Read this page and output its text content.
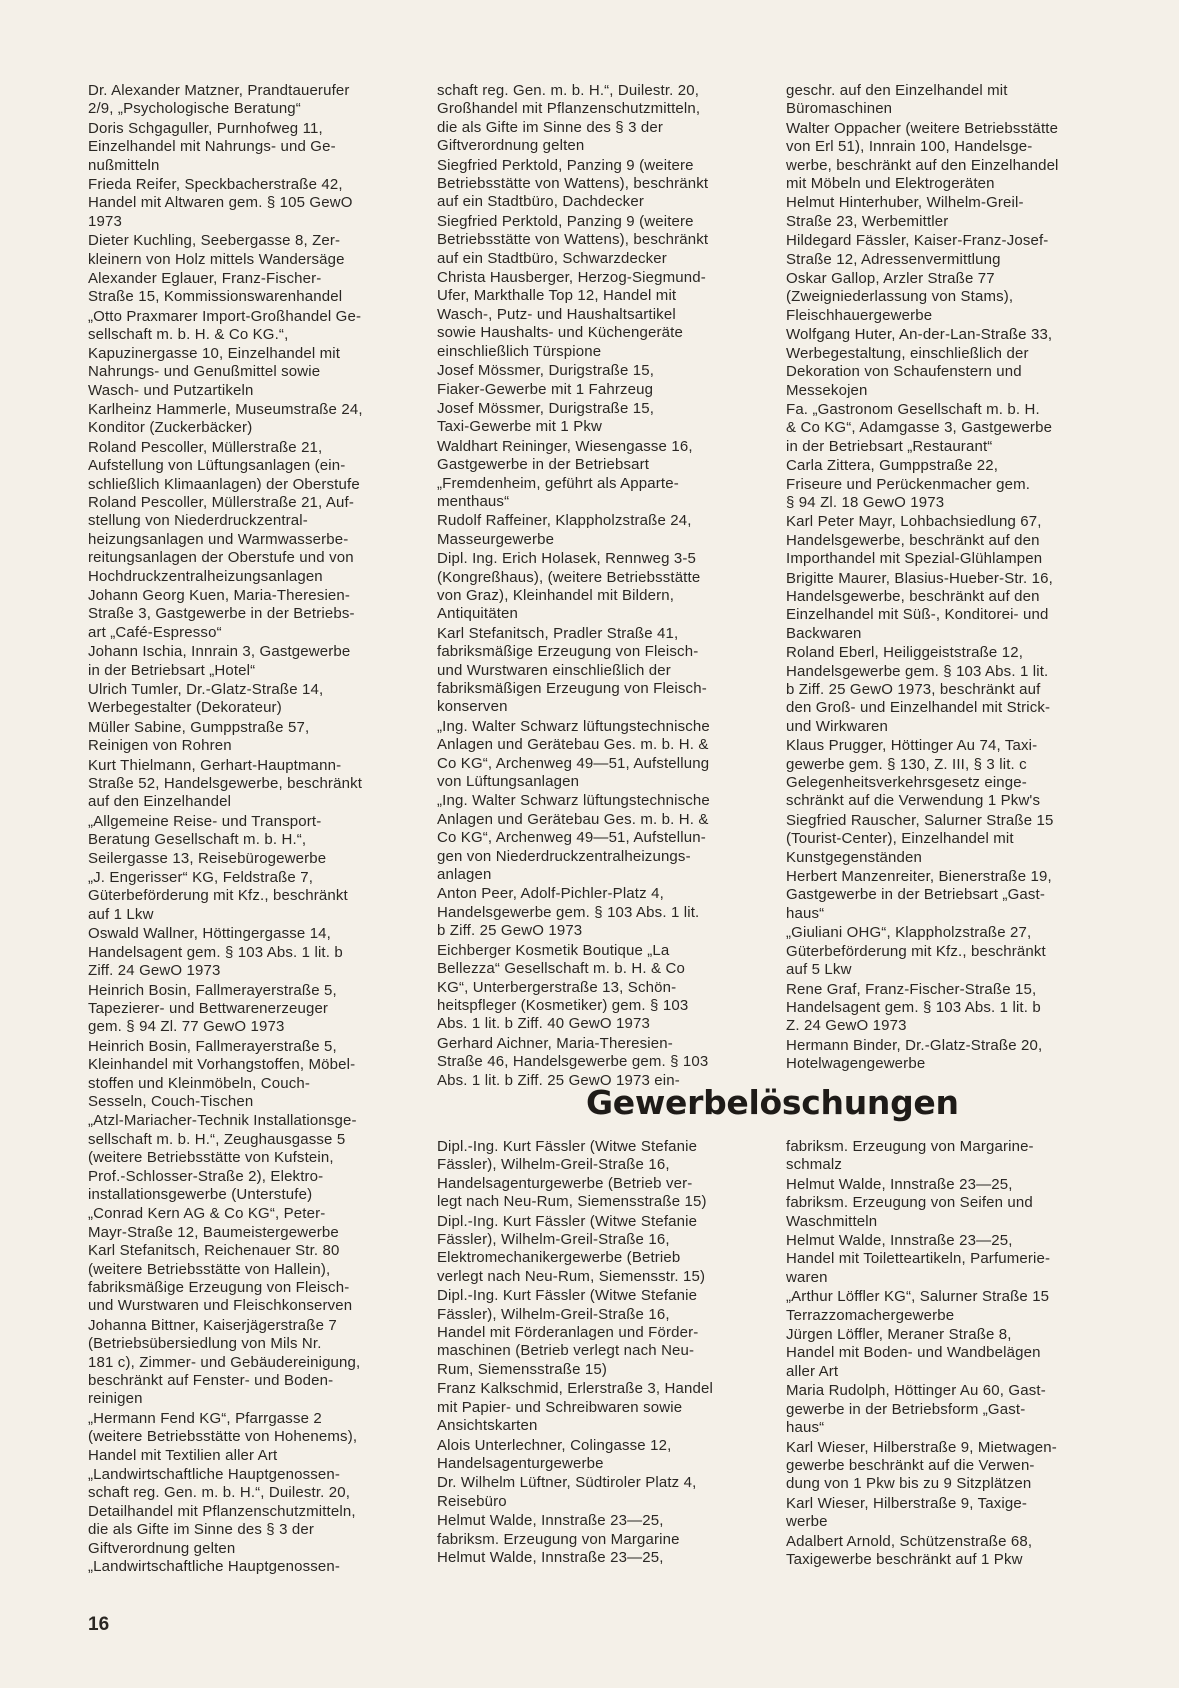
Dr. Alexander Matzner, Prandtauerufer
2/9, „Psychologische Beratung“
Doris Schgaguller, Purnhofweg 11,
Einzelhandel mit Nahrungs- und Ge-
nußmitteln
Frieda Reifer, Speckbacherstraße 42,
Handel mit Altwaren gem. § 105 GewO
1973
Dieter Kuchling, Seebergasse 8, Zer-
kleinern von Holz mittels Wandersäge
Alexander Eglauer, Franz-Fischer-
Straße 15, Kommissionswarenhandel
„Otto Praxmarer Import-Großhandel Ge-
sellschaft m. b. H. & Co KG.“,
Kapuzinergasse 10, Einzelhandel mit
Nahrungs- und Genußmittel sowie
Wasch- und Putzartikeln
Karlheinz Hammerle, Museumstraße 24,
Konditor (Zuckerbäcker)
Roland Pescoller, Müllerstraße 21,
Aufstellung von Lüftungsanlagen (ein-
schließlich Klimaanlagen) der Oberstufe
Roland Pescoller, Müllerstraße 21, Auf-
stellung von Niederdruckzentral-
heizungsanlagen und Warmwasserbe-
reitungsanlagen der Oberstufe und von
Hochdruckzentralheizungsanlagen
Johann Georg Kuen, Maria-Theresien-
Straße 3, Gastgewerbe in der Betriebs-
art „Café-Espresso“
Johann Ischia, Innrain 3, Gastgewerbe
in der Betriebsart „Hotel“
Ulrich Tumler, Dr.-Glatz-Straße 14,
Werbegestalter (Dekorateur)
Müller Sabine, Gumppstraße 57,
Reinigen von Rohren
Kurt Thielmann, Gerhart-Hauptmann-
Straße 52, Handelsgewerbe, beschränkt
auf den Einzelhandel
„Allgemeine Reise- und Transport-
Beratung Gesellschaft m. b. H.“,
Seilergasse 13, Reisebürogewerbe
„J. Engerisser“ KG, Feldstraße 7,
Güterbeförderung mit Kfz., beschränkt
auf 1 Lkw
Oswald Wallner, Höttingergasse 14,
Handelsagent gem. § 103 Abs. 1 lit. b
Ziff. 24 GewO 1973
Heinrich Bosin, Fallmerayerstraße 5,
Tapezierer- und Bettwarenerzeuger
gem. § 94 Zl. 77 GewO 1973
Heinrich Bosin, Fallmerayerstraße 5,
Kleinhandel mit Vorhangstoffen, Möbel-
stoffen und Kleinmöbeln, Couch-
Sesseln, Couch-Tischen
„Atzl-Mariacher-Technik Installationsge-
sellschaft m. b. H.“, Zeughausgasse 5
(weitere Betriebsstätte von Kufstein,
Prof.-Schlosser-Straße 2), Elektro-
installationsgewerbe (Unterstufe)
„Conrad Kern AG & Co KG“, Peter-
Mayr-Straße 12, Baumeistergewerbe
Karl Stefanitsch, Reichenauer Str. 80
(weitere Betriebsstätte von Hallein),
fabriksmäßige Erzeugung von Fleisch-
und Wurstwaren und Fleischkonserven
Johanna Bittner, Kaiserjägerstraße 7
(Betriebsübersiedlung von Mils Nr.
181 c), Zimmer- und Gebäudereinigung,
beschränkt auf Fenster- und Boden-
reinigen
„Hermann Fend KG“, Pfarrgasse 2
(weitere Betriebsstätte von Hohenems),
Handel mit Textilien aller Art
„Landwirtschaftliche Hauptgenossen-
schaft reg. Gen. m. b. H.“, Duilestr. 20,
Detailhandel mit Pflanzenschutzmitteln,
die als Gifte im Sinne des § 3 der
Giftverordnung gelten
„Landwirtschaftliche Hauptgenossen-
schaft reg. Gen. m. b. H.“, Duilestr. 20,
Großhandel mit Pflanzenschutzmitteln,
die als Gifte im Sinne des § 3 der
Giftverordnung gelten
Siegfried Perktold, Panzing 9 (weitere
Betriebsstätte von Wattens), beschränkt
auf ein Stadtbüro, Dachdecker
Siegfried Perktold, Panzing 9 (weitere
Betriebsstätte von Wattens), beschränkt
auf ein Stadtbüro, Schwarzdecker
Christa Hausberger, Herzog-Siegmund-
Ufer, Markthalle Top 12, Handel mit
Wasch-, Putz- und Haushaltsartikel
sowie Haushalts- und Küchengeräte
einschließlich Türspione
Josef Mössmer, Durigstraße 15,
Fiaker-Gewerbe mit 1 Fahrzeug
Josef Mössmer, Durigstraße 15,
Taxi-Gewerbe mit 1 Pkw
Waldhart Reininger, Wiesengasse 16,
Gastgewerbe in der Betriebsart
„Fremdenheim, geführt als Apparte-
menthaus“
Rudolf Raffeiner, Klappholzstraße 24,
Masseurgewerbe
Dipl. Ing. Erich Holasek, Rennweg 3-5
(Kongreßhaus), (weitere Betriebsstätte
von Graz), Kleinhandel mit Bildern,
Antiquitäten
Karl Stefanitsch, Pradler Straße 41,
fabriksmäßige Erzeugung von Fleisch-
und Wurstwaren einschließlich der
fabriksmäßigen Erzeugung von Fleisch-
konserven
„Ing. Walter Schwarz lüftungstechnische
Anlagen und Gerätebau Ges. m. b. H. &
Co KG“, Archenweg 49—51, Aufstellung
von Lüftungsanlagen
„Ing. Walter Schwarz lüftungstechnische
Anlagen und Gerätebau Ges. m. b. H. &
Co KG“, Archenweg 49—51, Aufstellun-
gen von Niederdruckzentralheizungs-
anlagen
Anton Peer, Adolf-Pichler-Platz 4,
Handelsgewerbe gem. § 103 Abs. 1 lit.
b Ziff. 25 GewO 1973
Eichberger Kosmetik Boutique „La
Bellezza“ Gesellschaft m. b. H. & Co
KG“, Unterbergerstraße 13, Schön-
heitspfleger (Kosmetiker) gem. § 103
Abs. 1 lit. b Ziff. 40 GewO 1973
Gerhard Aichner, Maria-Theresien-
Straße 46, Handelsgewerbe gem. § 103
Abs. 1 lit. b Ziff. 25 GewO 1973 ein-
geschr. auf den Einzelhandel mit
Büromaschinen
Walter Oppacher (weitere Betriebsstätte
von Erl 51), Innrain 100, Handelsge-
werbe, beschränkt auf den Einzelhandel
mit Möbeln und Elektrogeräten
Helmut Hinterhuber, Wilhelm-Greil-
Straße 23, Werbemittler
Hildegard Fässler, Kaiser-Franz-Josef-
Straße 12, Adressenvermittlung
Oskar Gallop, Arzler Straße 77
(Zweigniederlassung von Stams),
Fleischhauergewerbe
Wolfgang Huter, An-der-Lan-Straße 33,
Werbegestaltung, einschließlich der
Dekoration von Schaufenstern und
Messekojen
Fa. „Gastronom Gesellschaft m. b. H.
& Co KG“, Adamgasse 3, Gastgewerbe
in der Betriebsart „Restaurant“
Carla Zittera, Gumppstraße 22,
Friseure und Perückenmacher gem.
§ 94 Zl. 18 GewO 1973
Karl Peter Mayr, Lohbachsiedlung 67,
Handelsgewerbe, beschränkt auf den
Importhandel mit Spezial-Glühlampen
Brigitte Maurer, Blasius-Hueber-Str. 16,
Handelsgewerbe, beschränkt auf den
Einzelhandel mit Süß-, Konditorei- und
Backwaren
Roland Eberl, Heiliggeiststraße 12,
Handelsgewerbe gem. § 103 Abs. 1 lit.
b Ziff. 25 GewO 1973, beschränkt auf
den Groß- und Einzelhandel mit Strick-
und Wirkwaren
Klaus Prugger, Höttinger Au 74, Taxi-
gewerbe gem. § 130, Z. III, § 3 lit. c
Gelegenheitsverkehrsgesetz einge-
schränkt auf die Verwendung 1 Pkw's
Siegfried Rauscher, Salurner Straße 15
(Tourist-Center), Einzelhandel mit
Kunstgegenständen
Herbert Manzenreiter, Bienerstraße 19,
Gastgewerbe in der Betriebsart „Gast-
haus“
„Giuliani OHG“, Klappholzstraße 27,
Güterbeförderung mit Kfz., beschränkt
auf 5 Lkw
Rene Graf, Franz-Fischer-Straße 15,
Handelsagent gem. § 103 Abs. 1 lit. b
Z. 24 GewO 1973
Hermann Binder, Dr.-Glatz-Straße 20,
Hotelwagengewerbe
Gewerbelöschungen
Dipl.-Ing. Kurt Fässler (Witwe Stefanie
Fässler), Wilhelm-Greil-Straße 16,
Handelsagenturgewerbe (Betrieb ver-
legt nach Neu-Rum, Siemensstraße 15)
Dipl.-Ing. Kurt Fässler (Witwe Stefanie
Fässler), Wilhelm-Greil-Straße 16,
Elektromechanikergewerbe (Betrieb
verlegt nach Neu-Rum, Siemensstr. 15)
Dipl.-Ing. Kurt Fässler (Witwe Stefanie
Fässler), Wilhelm-Greil-Straße 16,
Handel mit Förderanlagen und Förder-
maschinen (Betrieb verlegt nach Neu-
Rum, Siemensstraße 15)
Franz Kalkschmid, Erlerstraße 3, Handel
mit Papier- und Schreibwaren sowie
Ansichtskarten
Alois Unterlechner, Colingasse 12,
Handelsagenturgewerbe
Dr. Wilhelm Lüftner, Südtiroler Platz 4,
Reisebüro
Helmut Walde, Innstraße 23—25,
fabriksm. Erzeugung von Margarine
Helmut Walde, Innstraße 23—25,
fabriksm. Erzeugung von Margarine-
schmalz
Helmut Walde, Innstraße 23—25,
fabriksm. Erzeugung von Seifen und
Waschmitteln
Helmut Walde, Innstraße 23—25,
Handel mit Toiletteartikeln, Parfumerie-
waren
„Arthur Löffler KG“, Salurner Straße 15
Terrazzomachergewerbe
Jürgen Löffler, Meraner Straße 8,
Handel mit Boden- und Wandbelägen
aller Art
Maria Rudolph, Höttinger Au 60, Gast-
gewerbe in der Betriebsform „Gast-
haus“
Karl Wieser, Hilberstraße 9, Mietwagen-
gewerbe beschränkt auf die Verwen-
dung von 1 Pkw bis zu 9 Sitzplätzen
Karl Wieser, Hilberstraße 9, Taxige-
werbe
Adalbert Arnold, Schützenstraße 68,
Taxigewerbe beschränkt auf 1 Pkw
16
